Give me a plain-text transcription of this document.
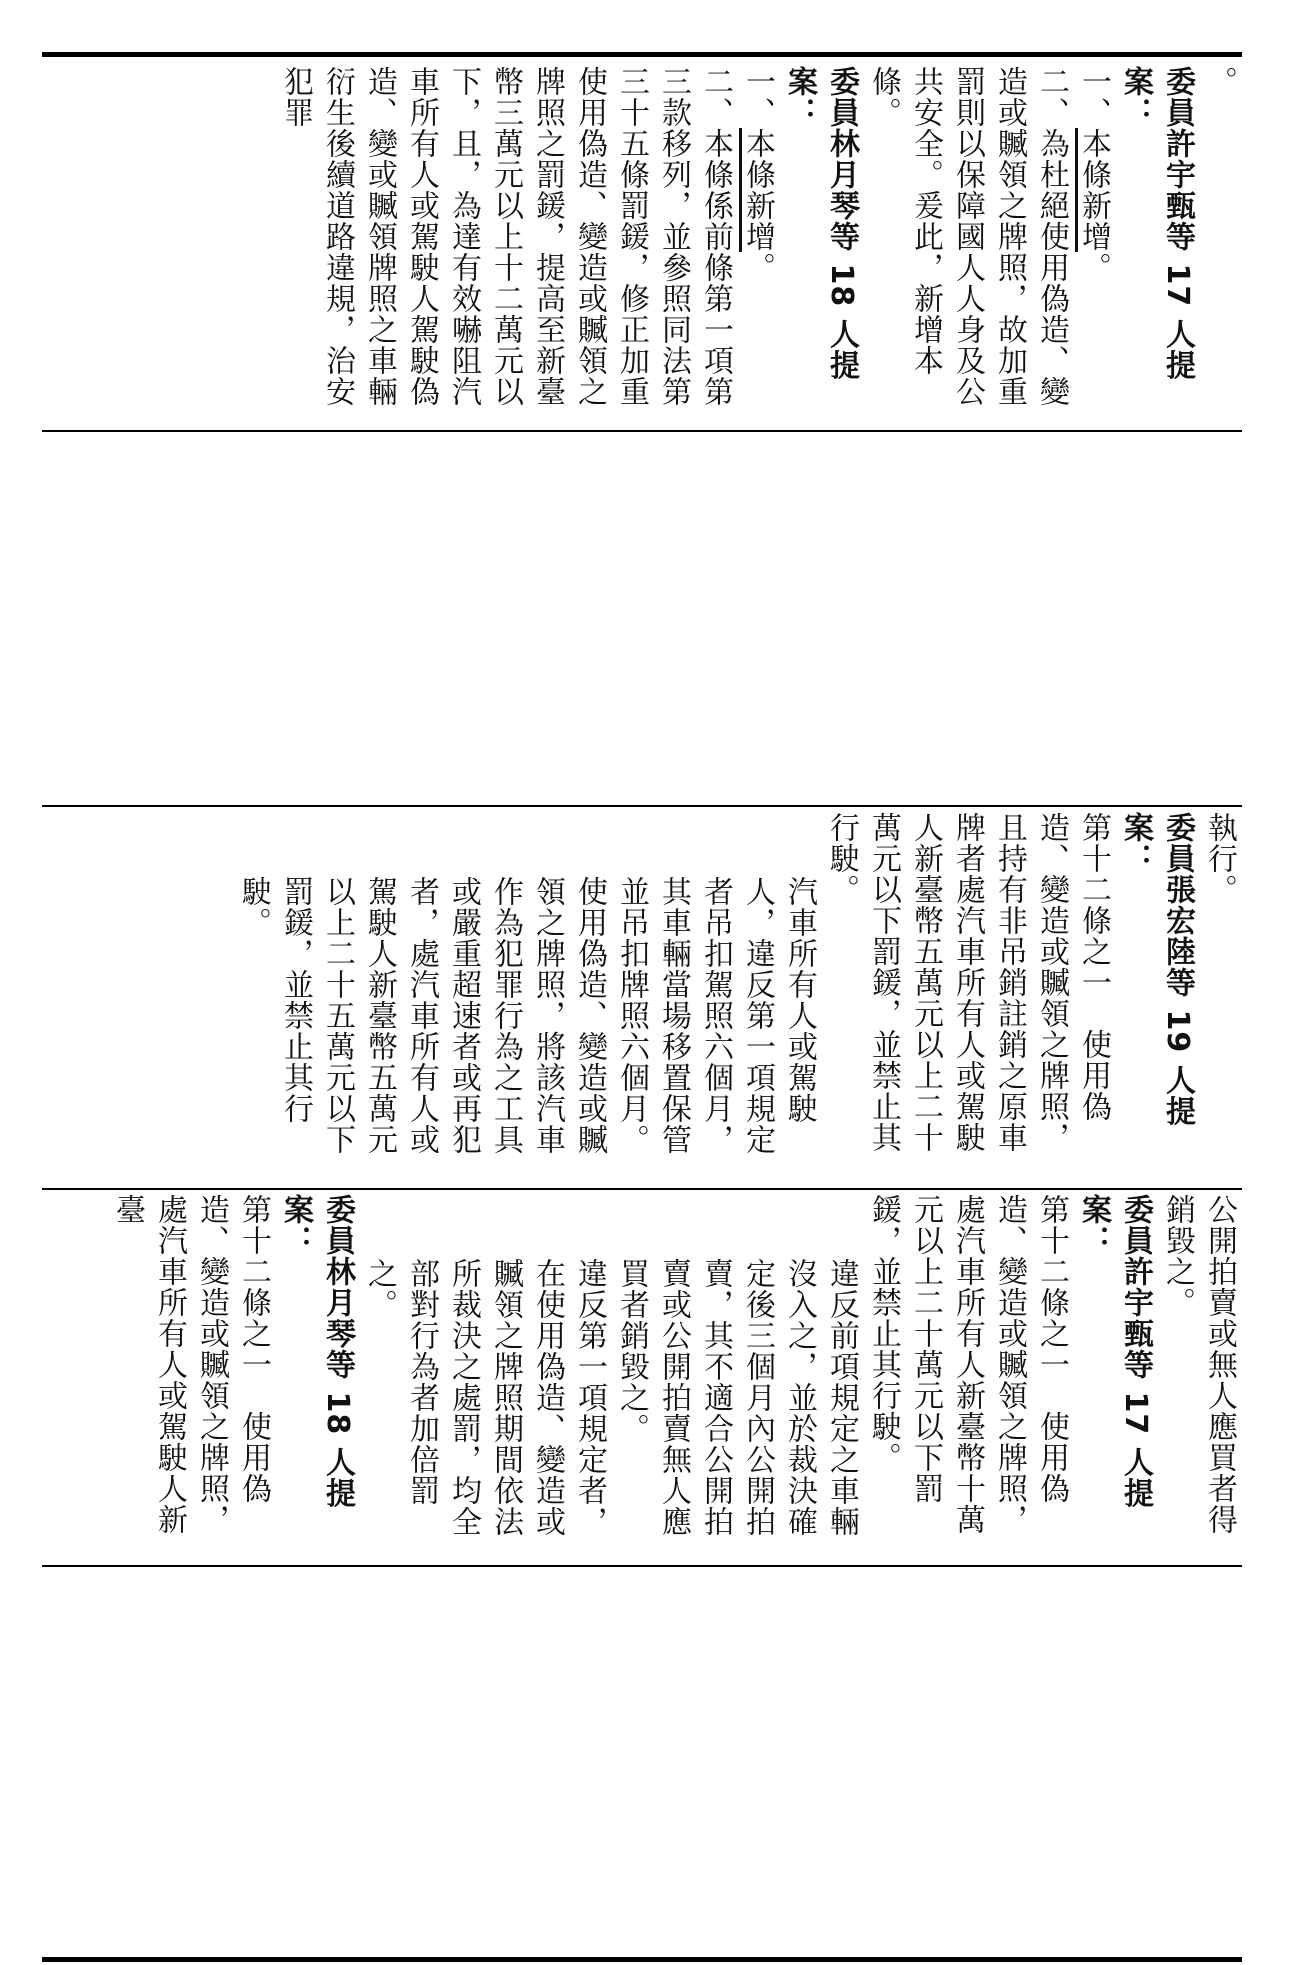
。

委員許宇甄等 17 人提案：

一、本條新增。

二、為杜絕使用偽造、變造或贓領之牌照，故加重罰則以保障國人人身及公共安全。爰此，新增本條。

委員林月琴等 18 人提案：

一、本條新增。

二、本條係前條第一項第三款移列，並參照同法第三十五條罰鍰，修正加重使用偽造、變造或贓領之牌照之罰鍰，提高至新臺幣三萬元以上十二萬元以下，且，為達有效嚇阻汽車所有人或駕駛人駕駛偽造、變或贓領牌照之車輛衍生後續道路違規，治安犯罪

執行。

委員張宏陸等 19 人提案：

第十二條之一　使用偽造、變造或贓領之牌照，且持有非吊銷註銷之原車牌者處汽車所有人或駕駛人新臺幣五萬元以上二十萬元以下罰鍰，並禁止其行駛。

汽車所有人或駕駛人，違反第一項規定者吊扣駕照六個月，其車輛當場移置保管並吊扣牌照六個月。

使用偽造、變造或贓領之牌照，將該汽車作為犯罪行為之工具或嚴重超速者或再犯者，處汽車所有人或駕駛人新臺幣五萬元以上二十五萬元以下罰鍰，並禁止其行駛。

公開拍賣或無人應買者得銷毀之。

委員許宇甄等 17 人提案：

第十二條之一　使用偽造、變造或贓領之牌照，處汽車所有人新臺幣十萬元以上二十萬元以下罰鍰，並禁止其行駛。

違反前項規定之車輛沒入之，並於裁決確定後三個月內公開拍賣，其不適合公開拍賣或公開拍賣無人應買者銷毀之。

違反第一項規定者，在使用偽造、變造或贓領之牌照期間依法所裁決之處罰，均全部對行為者加倍罰之。

委員林月琴等 18 人提案：

第十二條之一　使用偽造、變造或贓領之牌照，處汽車所有人或駕駛人新臺
